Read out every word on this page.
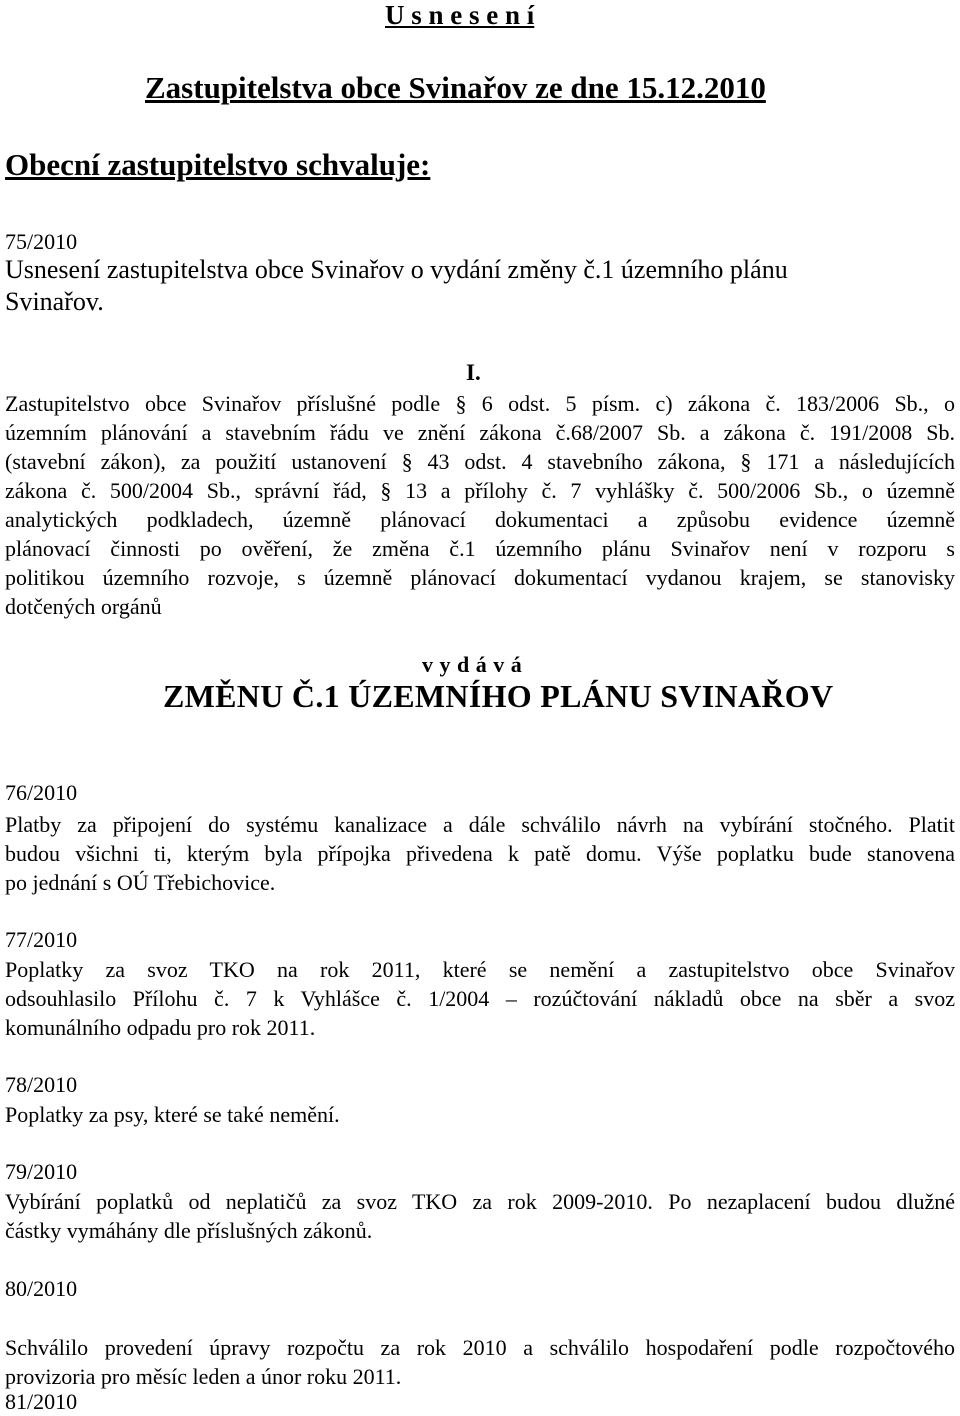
U s n e s e n í
Zastupitelstva obce Svinařov ze dne 15.12.2010
Obecní zastupitelstvo schvaluje:
75/2010
Usnesení zastupitelstva obce Svinařov o vydání změny č.1 územního plánu
Svinařov.
I.
Zastupitelstvo obce Svinařov příslušné podle § 6 odst. 5 písm. c) zákona č. 183/2006 Sb., o
územním plánování a stavebním řádu ve znění zákona č.68/2007 Sb. a zákona č. 191/2008 Sb.
(stavební zákon), za použití ustanovení § 43 odst. 4 stavebního zákona, § 171 a následujících
zákona č. 500/2004 Sb., správní řád, § 13 a přílohy č. 7 vyhlášky č. 500/2006 Sb., o územně
analytických podkladech, územně plánovací dokumentaci a způsobu evidence územně
plánovací činnosti po ověření, že změna č.1 územního plánu Svinařov není v rozporu s
politikou územního rozvoje, s územně plánovací dokumentací vydanou krajem, se stanovisky
dotčených orgánů
v y d á v á
ZMĚNU Č.1 ÚZEMNÍHO PLÁNU SVINAŘOV
76/2010
Platby za připojení do systému kanalizace a dále schválilo návrh na vybírání stočného. Platit
budou všichni ti, kterým byla přípojka přivedena k patě domu. Výše poplatku bude stanovena
po jednání s OÚ Třebichovice.
77/2010
Poplatky za svoz TKO na rok 2011, které se nemění a zastupitelstvo obce Svinařov
odsouhlasilo Přílohu č. 7 k Vyhlášce č. 1/2004 – rozúčtování nákladů obce na sběr a svoz
komunálního odpadu pro rok 2011.
78/2010
Poplatky za psy, které se také nemění.
79/2010
Vybírání poplatků od neplatičů za svoz TKO za rok 2009-2010. Po nezaplacení budou dlužné
částky vymáhány dle příslušných zákonů.
80/2010
Schválilo provedení úpravy rozpočtu za rok 2010 a schválilo hospodaření podle rozpočtového
provizoria pro měsíc leden a únor roku 2011.
81/2010
